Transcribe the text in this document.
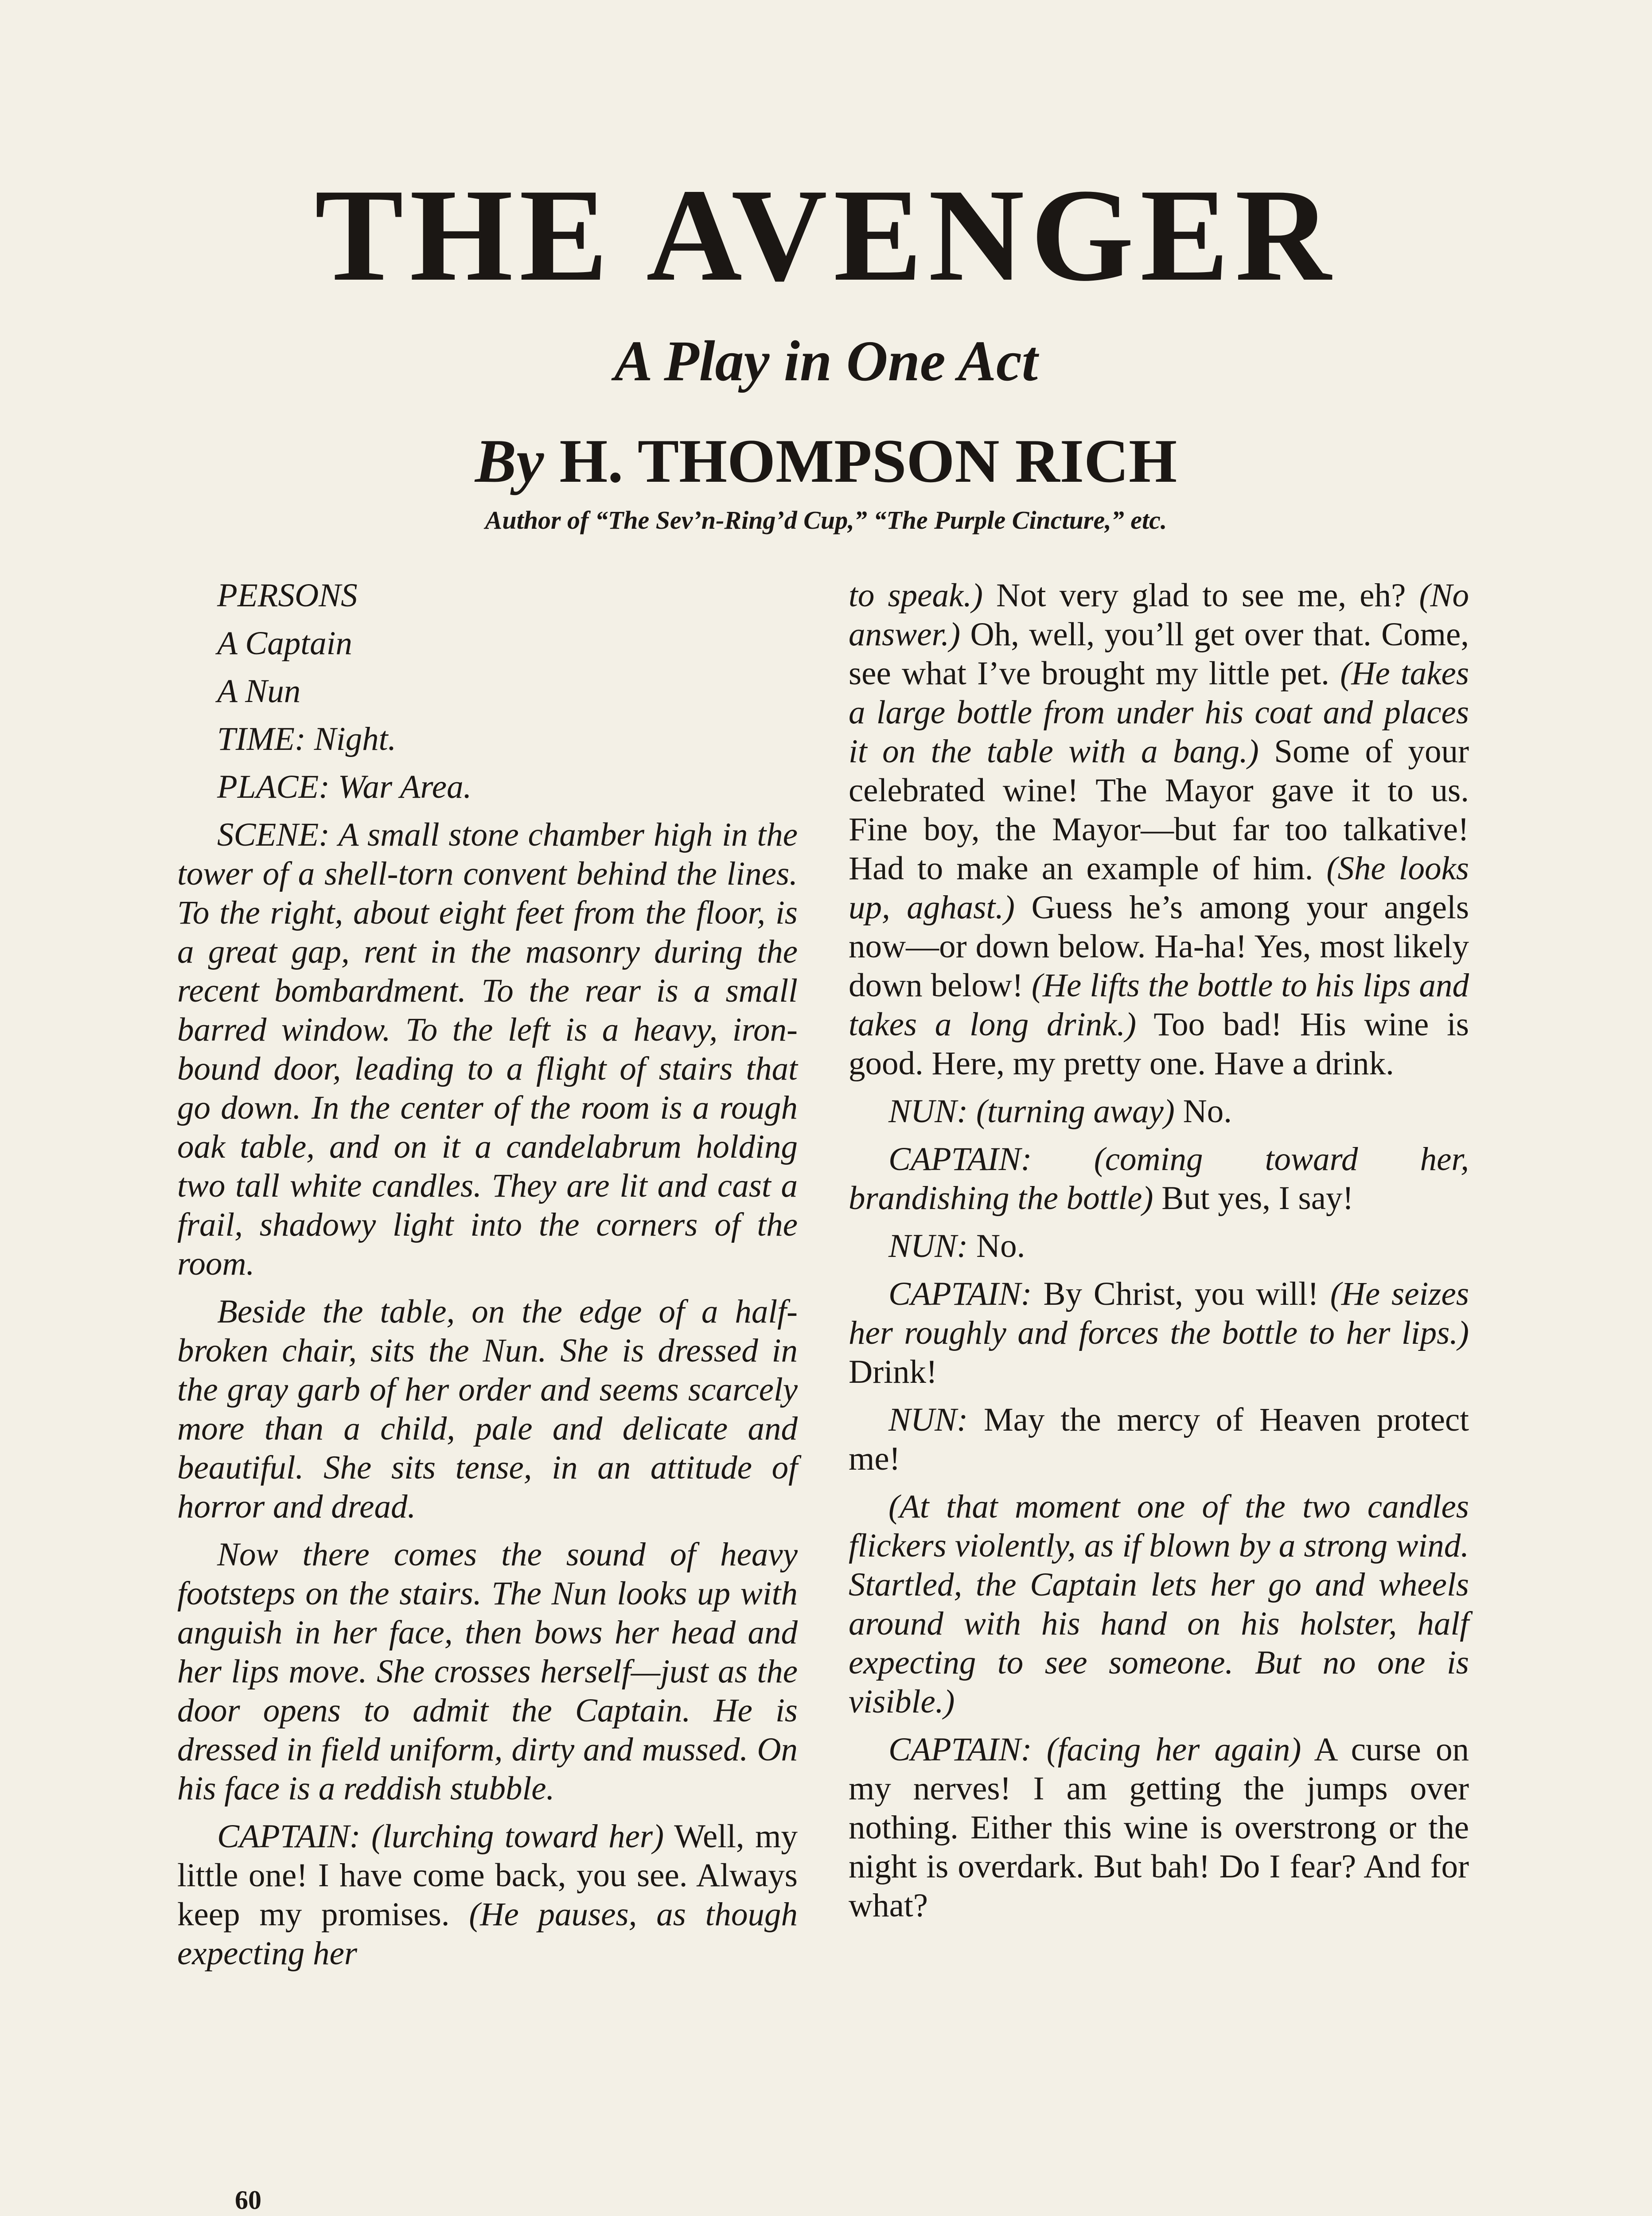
THE AVENGER
A Play in One Act
By H. THOMPSON RICH
Author of “The Sev’n-Ring’d Cup,” “The Purple Cincture,” etc.

PERSONS

A Captain

A Nun

TIME: Night.

PLACE: War Area.

SCENE: A small stone chamber high in the tower of a shell-torn convent behind the lines. To the right, about eight feet from the floor, is a great gap, rent in the masonry during the recent bombardment. To the rear is a small barred window. To the left is a heavy, iron-bound door, leading to a flight of stairs that go down. In the center of the room is a rough oak table, and on it a candelabrum holding two tall white candles. They are lit and cast a frail, shadowy light into the corners of the room.

Beside the table, on the edge of a half-broken chair, sits the Nun. She is dressed in the gray garb of her order and seems scarcely more than a child, pale and delicate and beautiful. She sits tense, in an attitude of horror and dread.

Now there comes the sound of heavy footsteps on the stairs. The Nun looks up with anguish in her face, then bows her head and her lips move. She crosses herself—just as the door opens to admit the Captain. He is dressed in field uniform, dirty and mussed. On his face is a reddish stubble.

CAPTAIN: (lurching toward her) Well, my little one! I have come back, you see. Always keep my promises. (He pauses, as though expecting her

to speak.) Not very glad to see me, eh? (No answer.) Oh, well, you’ll get over that. Come, see what I’ve brought my little pet. (He takes a large bottle from under his coat and places it on the table with a bang.) Some of your celebrated wine! The Mayor gave it to us. Fine boy, the Mayor—but far too talkative! Had to make an example of him. (She looks up, aghast.) Guess he’s among your angels now—or down below. Ha-ha! Yes, most likely down below! (He lifts the bottle to his lips and takes a long drink.) Too bad! His wine is good. Here, my pretty one. Have a drink.

NUN: (turning away) No.

CAPTAIN: (coming toward her, brandishing the bottle) But yes, I say!

NUN: No.

CAPTAIN: By Christ, you will! (He seizes her roughly and forces the bottle to her lips.) Drink!

NUN: May the mercy of Heaven protect me!

(At that moment one of the two candles flickers violently, as if blown by a strong wind. Startled, the Captain lets her go and wheels around with his hand on his holster, half expecting to see someone. But no one is visible.)

CAPTAIN: (facing her again) A curse on my nerves! I am getting the jumps over nothing. Either this wine is overstrong or the night is overdark. But bah! Do I fear? And for what?

60
